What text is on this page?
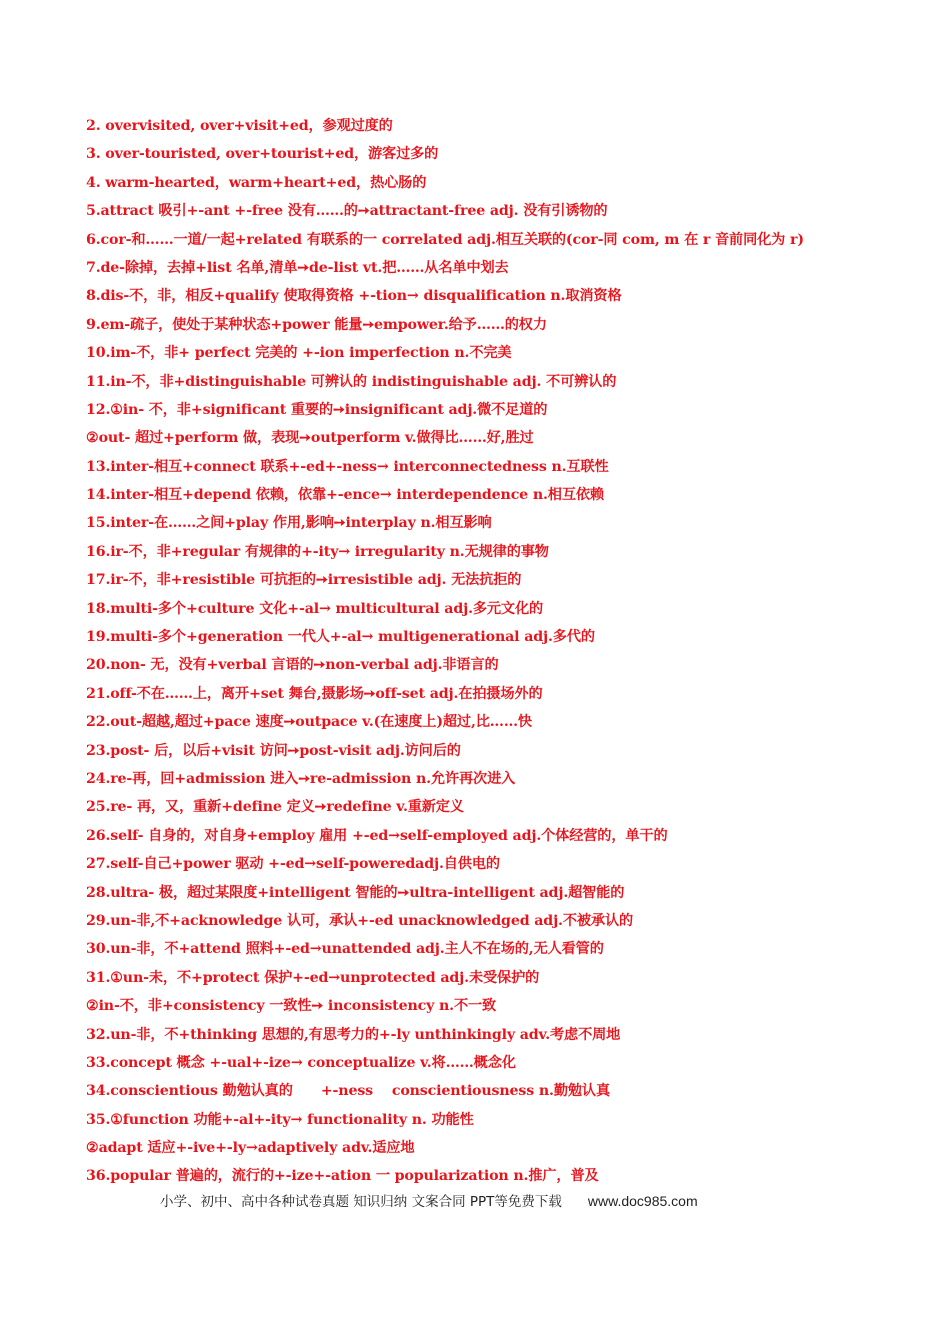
2. overvisited, over+visit+ed，参观过度的
3. over-touristed, over+tourist+ed，游客过多的
4. warm-hearted，warm+heart+ed，热心肠的
5.attract 吸引+-ant +-free 没有……的➙attractant-free adj. 没有引诱物的
6.cor-和……一道/一起+related 有联系的一 correlated adj.相互关联的(cor-同 com, m 在 r 音前同化为 r)
7.de-除掉，去掉+list 名单,清单➙de-list vt.把……从名单中划去
8.dis-不，非，相反+qualify 使取得资格 +-tion→ disqualification n.取消资格
9.em-疏子，使处于某种状态+power 能量➙empower.给予……的权力
10.im-不，非+ perfect 完美的 +-ion imperfection n.不完美
11.in-不，非+distinguishable 可辨认的 indistinguishable adj. 不可辨认的
12.①in- 不，非+significant 重要的➙insignificant adj.微不足道的
②out- 超过+perform 做，表现➙outperform v.做得比……好,胜过
13.inter-相互+connect 联系+-ed+-ness→ interconnectedness n.互联性
14.inter-相互+depend 依赖，依靠+-ence→ interdependence n.相互依赖
15.inter-在……之间+play 作用,影响➙interplay n.相互影响
16.ir-不，非+regular 有规律的+-ity→ irregularity n.无规律的事物
17.ir-不，非+resistible 可抗拒的➙irresistible adj. 无法抗拒的
18.multi-多个+culture 文化+-al→ multicultural adj.多元文化的
19.multi-多个+generation 一代人+-al→ multigenerational adj.多代的
20.non- 无，没有+verbal 言语的➙non-verbal adj.非语言的
21.off-不在……上，离开+set 舞台,摄影场➙off-set adj.在拍摄场外的
22.out-超越,超过+pace 速度➙outpace v.(在速度上)超过,比……快
23.post- 后，以后+visit 访问➙post-visit adj.访问后的
24.re-再，回+admission 进入➙re-admission n.允许再次进入
25.re- 再，又，重新+define 定义➙redefine v.重新定义
26.self- 自身的，对自身+employ 雇用 +-ed→self-employed adj.个体经营的，单干的
27.self-自己+power 驱动 +-ed→self-poweredadj.自供电的
28.ultra- 极，超过某限度+intelligent 智能的➙ultra-intelligent adj.超智能的
29.un-非,不+acknowledge 认可，承认+-ed unacknowledged adj.不被承认的
30.un-非，不+attend 照料+-ed→unattended adj.主人不在场的,无人看管的
31.①un-未，不+protect 保护+-ed→unprotected adj.未受保护的
②in-不，非+consistency 一致性➙ inconsistency n.不一致
32.un-非，不+thinking 思想的,有思考力的+-ly unthinkingly adv.考虑不周地
33.concept 概念 +-ual+-ize→ conceptualize v.将……概念化
34.conscientious 勤勉认真的　　+-ness　 conscientiousness n.勤勉认真
35.①function 功能+-al+-ity→ functionality n. 功能性
②adapt 适应+-ive+-ly→adaptively adv.适应地
36.popular 普遍的，流行的+-ize+-ation 一 popularization n.推广，普及
小学、初中、高中各种试卷真题 知识归纳 文案合同 PPT等免费下载 www.doc985.com
